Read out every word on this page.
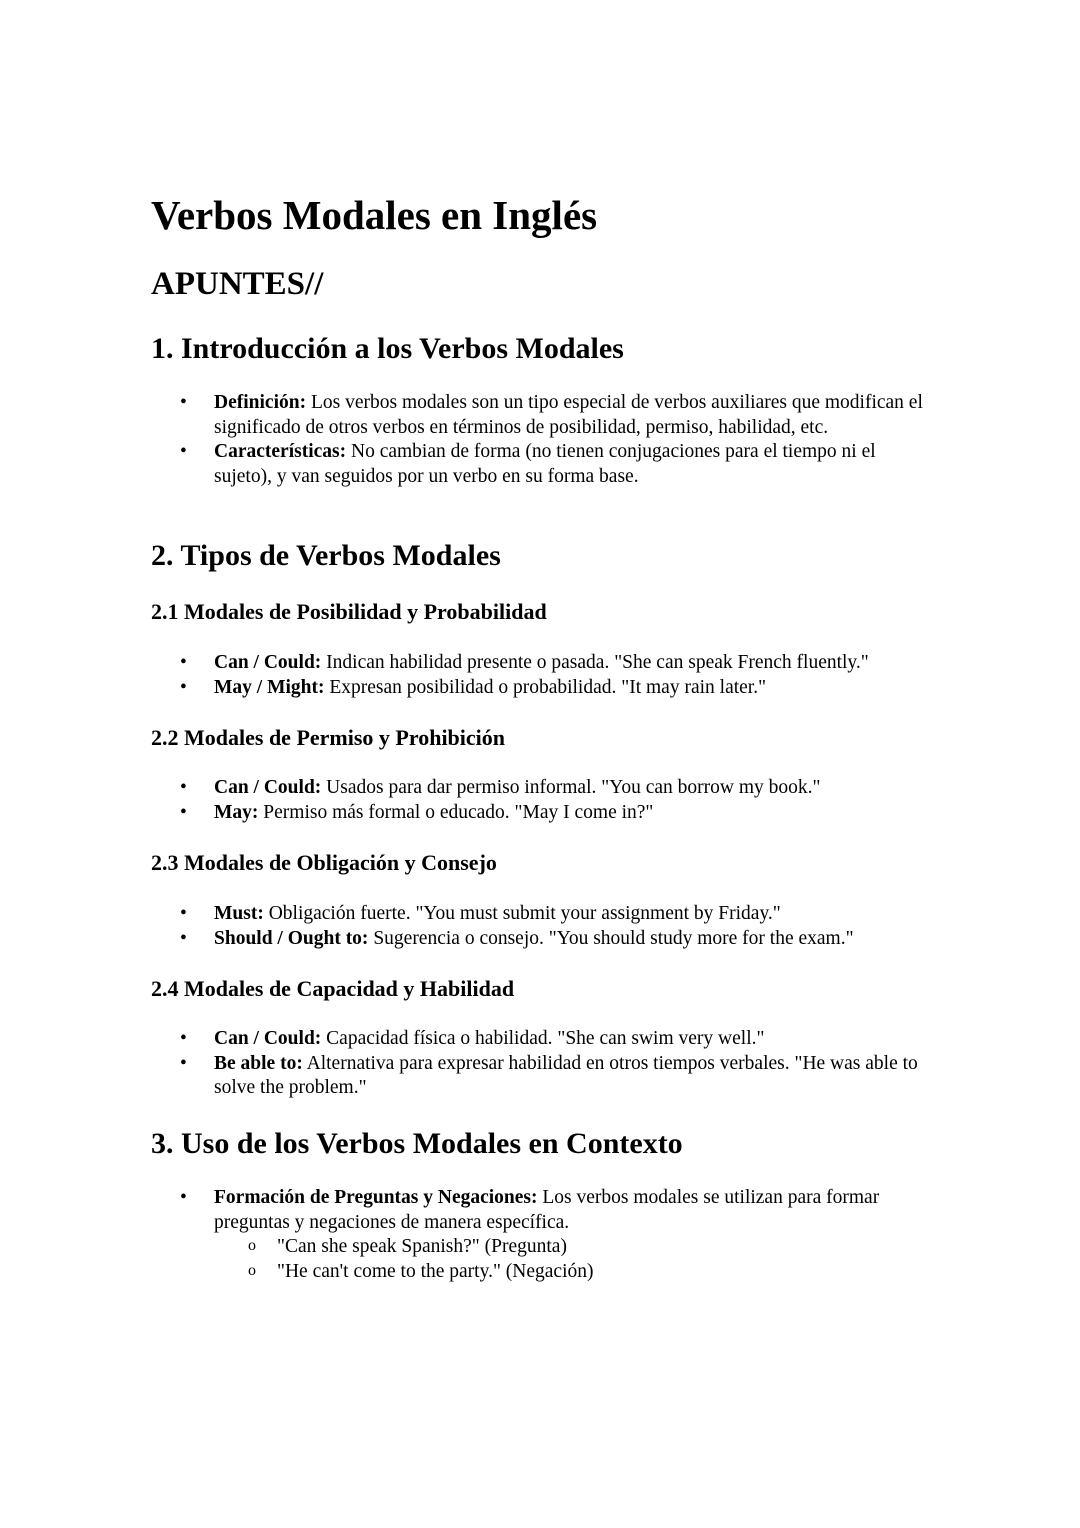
Verbos Modales en Inglés
APUNTES//
1. Introducción a los Verbos Modales
• Definición: Los verbos modales son un tipo especial de verbos auxiliares que modifican el significado de otros verbos en términos de posibilidad, permiso, habilidad, etc.
• Características: No cambian de forma (no tienen conjugaciones para el tiempo ni el sujeto), y van seguidos por un verbo en su forma base.
2. Tipos de Verbos Modales
2.1 Modales de Posibilidad y Probabilidad
• Can / Could: Indican habilidad presente o pasada. "She can speak French fluently."
• May / Might: Expresan posibilidad o probabilidad. "It may rain later."
2.2 Modales de Permiso y Prohibición
• Can / Could: Usados para dar permiso informal. "You can borrow my book."
• May: Permiso más formal o educado. "May I come in?"
2.3 Modales de Obligación y Consejo
• Must: Obligación fuerte. "You must submit your assignment by Friday."
• Should / Ought to: Sugerencia o consejo. "You should study more for the exam."
2.4 Modales de Capacidad y Habilidad
• Can / Could: Capacidad física o habilidad. "She can swim very well."
• Be able to: Alternativa para expresar habilidad en otros tiempos verbales. "He was able to solve the problem."
3. Uso de los Verbos Modales en Contexto
• Formación de Preguntas y Negaciones: Los verbos modales se utilizan para formar preguntas y negaciones de manera específica.
o "Can she speak Spanish?" (Pregunta)
o "He can't come to the party." (Negación)
